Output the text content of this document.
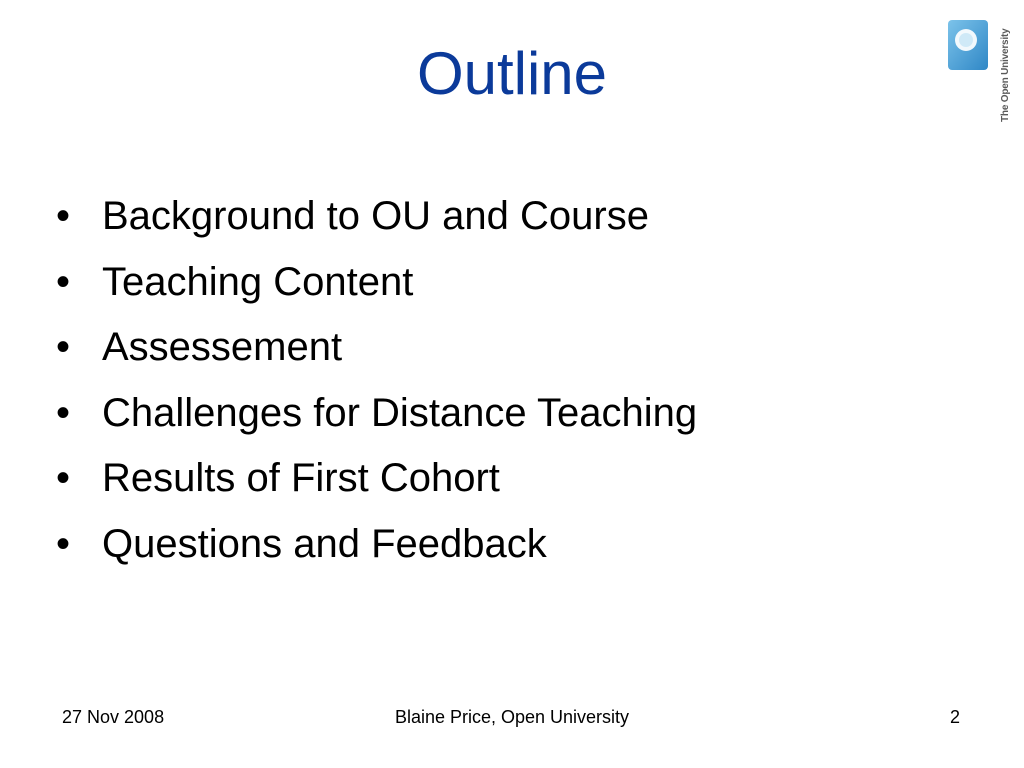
Outline	The Open University
• Background to OU and Course
• Teaching Content
• Assessement
• Challenges for Distance Teaching
• Results of First Cohort
• Questions and Feedback
27 Nov 2008	Blaine Price, Open University	2
